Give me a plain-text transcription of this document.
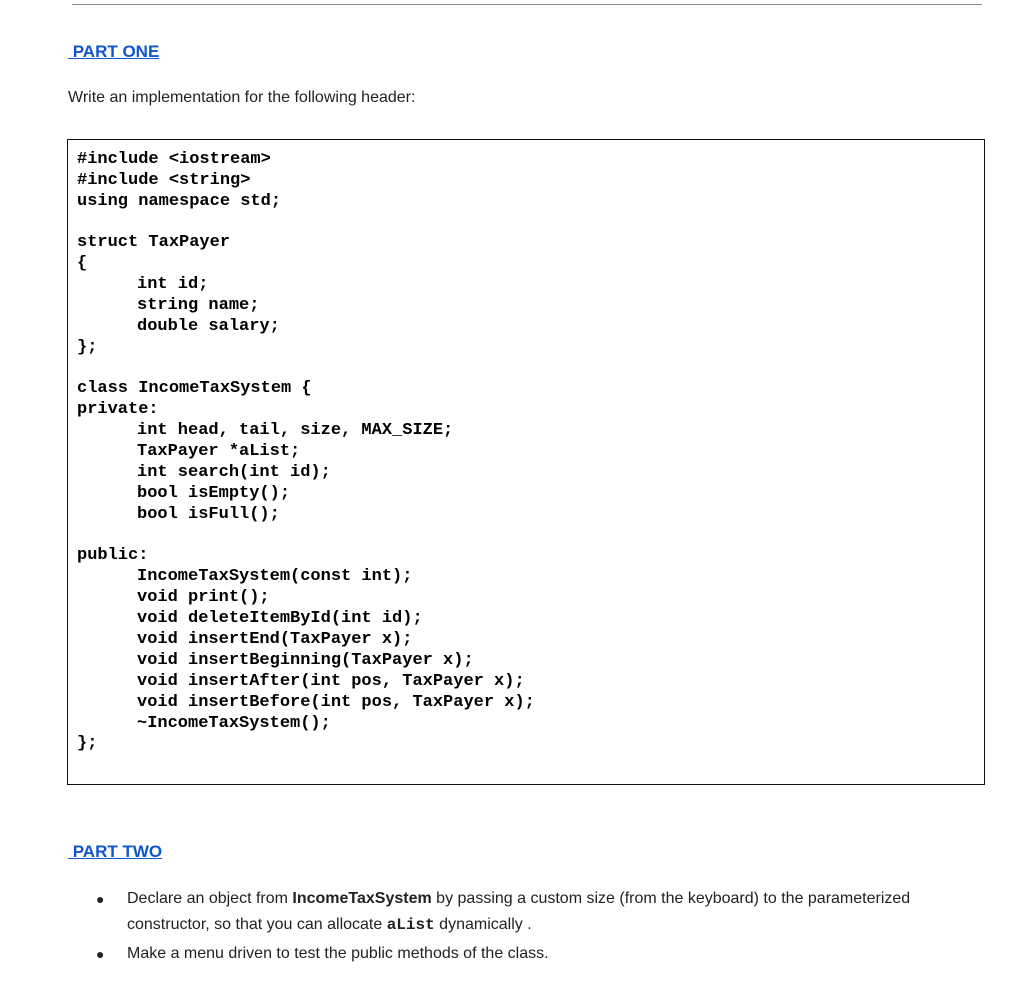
PART ONE
Write an implementation for the following header:
#include <iostream>
#include <string>
using namespace std;
struct TaxPayer
{
int id;
string name;
double salary;
};
class IncomeTaxSystem {
private:
int head, tail, size, MAX_SIZE;
TaxPayer *aList;
int search(int id);
bool isEmpty();
bool isFull();
public:
IncomeTaxSystem(const int);
void print();
void deleteItemById(int id);
void insertEnd(TaxPayer x);
void insertBeginning(TaxPayer x);
void insertAfter(int pos, TaxPayer x);
void insertBefore(int pos, TaxPayer x);
~IncomeTaxSystem();
};
PART TWO
● Declare an object from IncomeTaxSystem by passing a custom size (from the keyboard) to the parameterized constructor, so that you can allocate aList dynamically .
● Make a menu driven to test the public methods of the class.
